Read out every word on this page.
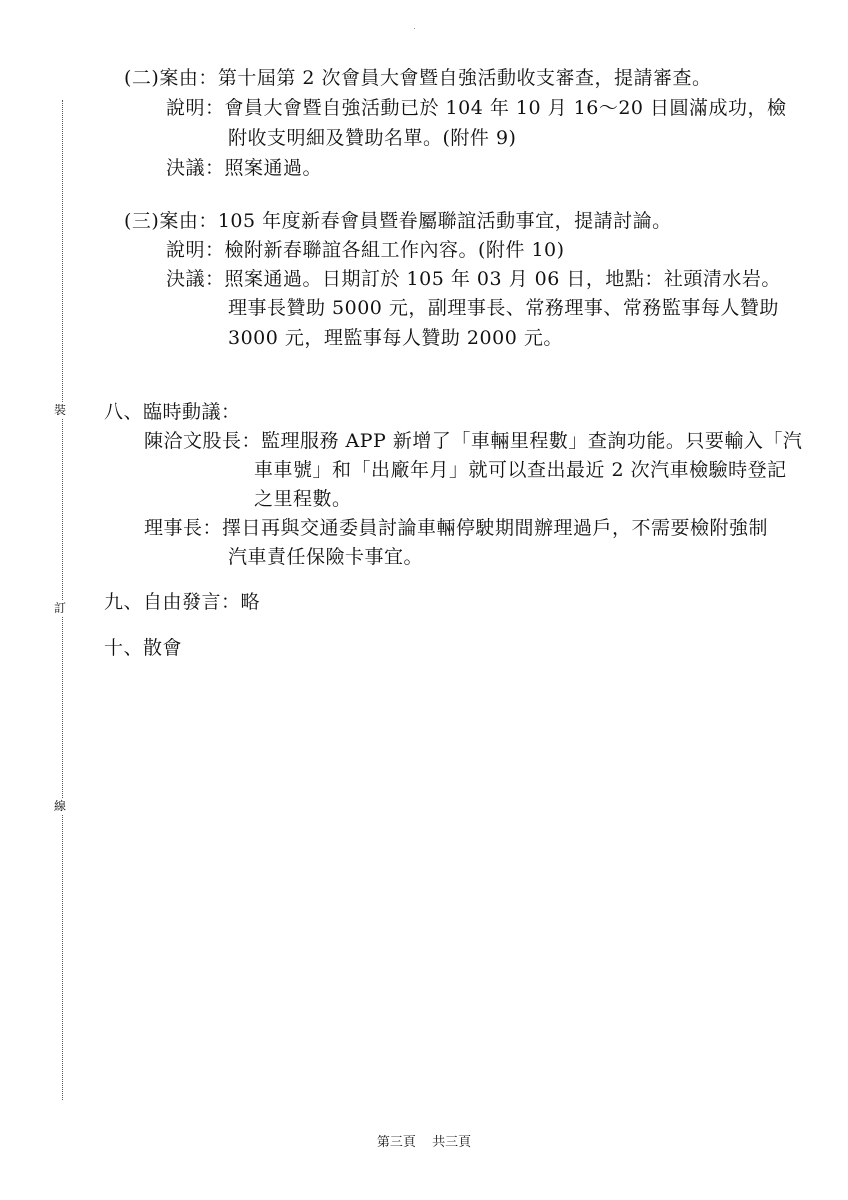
裝
訂
線
(二)案由：第十屆第 2 次會員大會暨自強活動收支審查，提請審查。
說明：會員大會暨自強活動已於 104 年 10 月 16～20 日圓滿成功，檢
附收支明細及贊助名單。(附件 9)
決議：照案通過。
(三)案由：105 年度新春會員暨眷屬聯誼活動事宜，提請討論。
說明：檢附新春聯誼各組工作內容。(附件 10)
決議：照案通過。日期訂於 105 年 03 月 06 日，地點：社頭清水岩。
理事長贊助 5000 元，副理事長、常務理事、常務監事每人贊助
3000 元，理監事每人贊助 2000 元。
八、臨時動議：
陳洽文股長：監理服務 APP 新增了「車輛里程數」查詢功能。只要輸入「汽
車車號」和「出廠年月」就可以查出最近 2 次汽車檢驗時登記
之里程數。
理事長：擇日再與交通委員討論車輛停駛期間辦理過戶，不需要檢附強制
汽車責任保險卡事宜。
九、自由發言：略
十、散會
第三頁 共三頁
